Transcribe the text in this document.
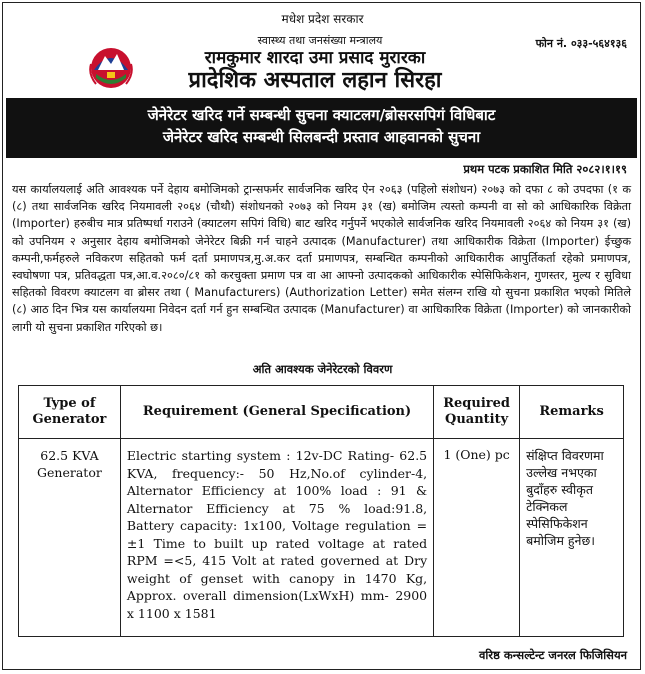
मधेश प्रदेश सरकार
स्वास्थ्य तथा जनसंख्या मन्त्रालय	फोन नं. ०३३-५६४१३६
रामकुमार शारदा उमा प्रसाद मुरारका
प्रादेशिक अस्पताल लहान सिरहा
जेनेरेटर खरिद गर्ने सम्बन्धी सुचना क्याटलग/ब्रोसरसपिगं विधिबाट
जेनेरेटर खरिद सम्बन्धी सिलबन्दी प्रस्ताव आहवानको सुचना
प्रथम पटक प्रकाशित मिति २०८२।१।१९
यस कार्यालयलाई अति आवश्यक पर्ने देहाय बमोजिमको ट्रान्सफर्मर सार्वजनिक खरिद ऐन २०६३ (पहिलो संशोधन) २०७३ को दफा ८ को उपदफा (१ क (८) तथा सार्वजनिक खरिद नियमावली २०६४ (चौथौ) संशोधनको २०७३ को नियम ३१ (ख) बमोजिम त्यस्तो कम्पनी वा सो को आधिकारिक विक्रेता (Importer) हरुबीच मात्र प्रतिष्पर्धा गराउने (क्याटलग सपिगं विधि) बाट खरिद गर्नुपर्ने भएकोले सार्वजनिक खरिद नियमावली २०६४ को नियम ३१ (ख) को उपनियम २ अनुसार देहाय बमोजिमको जेनेरेटर बिक्री गर्न चाहने उत्पादक (Manufacturer) तथा आधिकारीक विक्रेता (Importer) ईच्छुक कम्पनी,फर्महरुले नविकरण सहितको फर्म दर्ता प्रमाणपत्र,मु.अ.कर दर्ता प्रमाणपत्र, सम्बन्धित कम्पनीको आधिकारीक आपुर्तिकर्ता रहेको प्रमाणपत्र, स्वघोषणा पत्र, प्रतिवद्धता पत्र,आ.व.२०८०/८१ को करचुक्ता प्रमाण पत्र वा आ आफ्नो उत्पादकको आधिकारीक स्पेसिफिकेशन, गुणस्तर, मुल्य र सुविधा सहितको विवरण क्याटलग वा ब्रोसर तथा ( Manufacturers) (Authorization Letter) समेत संलग्न राखि यो सुचना प्रकाशित भएको मितिले (८) आठ दिन भित्र यस कार्यालयमा निवेदन दर्ता गर्न हुन सम्बन्धित उत्पादक (Manufacturer) वा आधिकारिक विक्रेता (Importer) को जानकारीको लागी यो सुचना प्रकाशित गरिएको छ।
अति आवश्यक जेनेरेटरको विवरण
Type of Generator	Requirement (General Specification)	Required Quantity	Remarks
62.5 KVA Generator	Electric starting system : 12v-DC Rating- 62.5 KVA, frequency:- 50 Hz,No.of cylinder-4, Alternator Efficiency at 100% load : 91 & Alternator Efficiency at 75 % load:91.8, Battery capacity: 1x100, Voltage regulation = ±1 Time to built up rated voltage at rated RPM =<5, 415 Volt at rated governed at Dry weight of genset with canopy in 1470 Kg, Approx. overall dimension(LxWxH) mm- 2900 x 1100 x 1581	1 (One) pc	संक्षिप्त विवरणमा उल्लेख नभएका बुदाँहरु स्वीकृत टेक्निकल स्पेसिफिकेशन बमोजिम हुनेछ।
वरिष्ठ कन्सल्टेन्ट जनरल फिजिसियन
